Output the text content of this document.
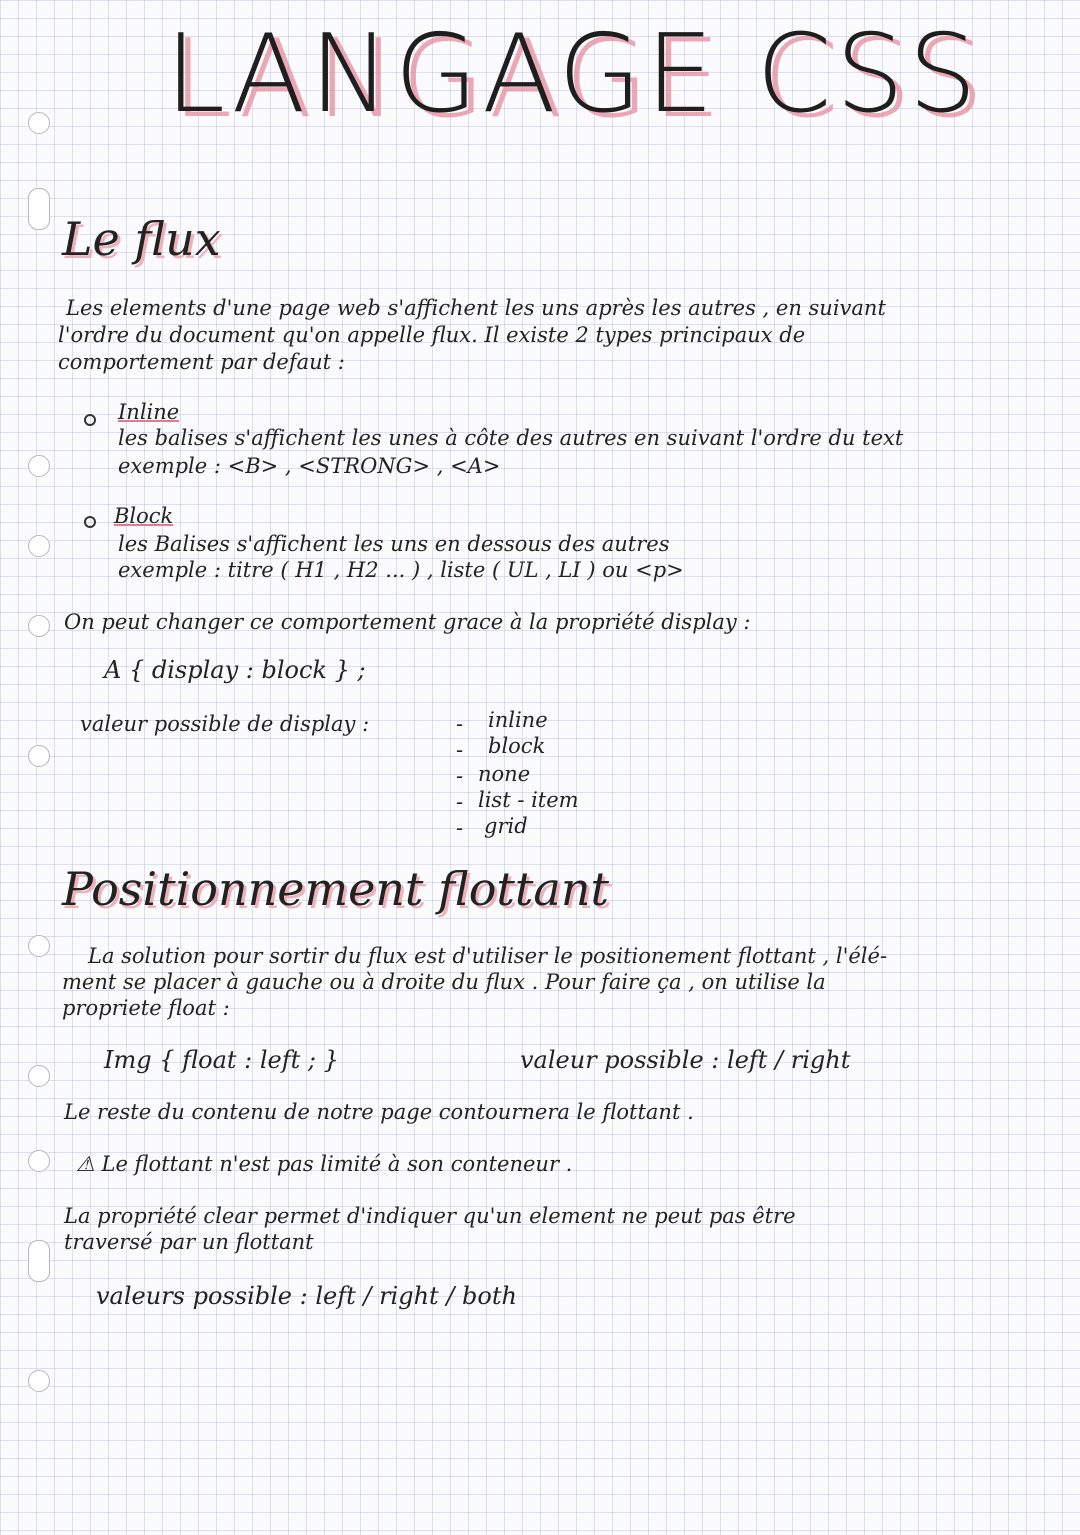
LANGAGE CSS
Le flux
Les elements d'une page web s'affichent les uns après les autres , en suivant
l'ordre du document qu'on appelle flux. Il existe 2 types principaux de
comportement par defaut :
Inline
les balises s'affichent les unes à côte des autres en suivant l'ordre du text
exemple : <B> , <STRONG> , <A>
Block
les Balises s'affichent les uns en dessous des autres
exemple : titre ( H1 , H2 ... ) , liste ( UL , LI ) ou <p>
On peut changer ce comportement grace à la propriété display :
A { display : block } ;
valeur possible de display :	-
-
-
-
-
inline
block
none
list - item
grid
Positionnement flottant
La solution pour sortir du flux est d'utiliser le positionement flottant , l'élé-
ment se placer à gauche ou à droite du flux . Pour faire ça , on utilise la
propriete float :
Img { float : left ; }	valeur possible : left / right
Le reste du contenu de notre page contournera le flottant .
⚠ Le flottant n'est pas limité à son conteneur .
La propriété clear permet d'indiquer qu'un element ne peut pas être
traversé par un flottant
valeurs possible : left / right / both
